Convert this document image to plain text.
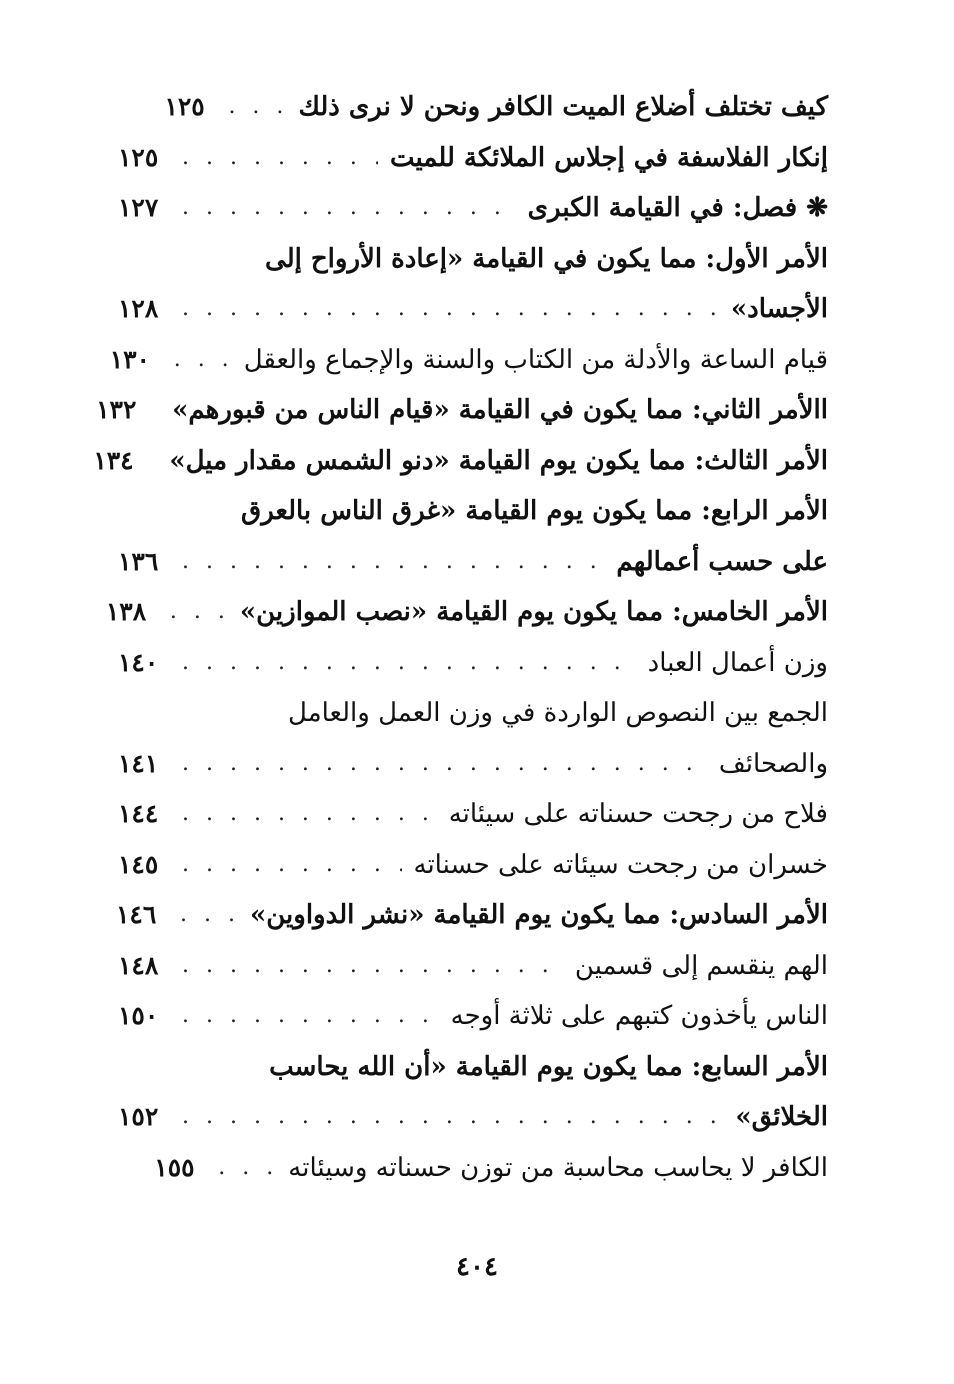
كيف تختلف أضلاع الميت الكافر ونحن لا نرى ذلك
. . .
١٢٥
إنكار الفلاسفة في إجلاس الملائكة للميت
. . .
١٢٥
❋ فصل: في القيامة الكبرى
. . .
١٢٧
الأمر الأول: مما يكون في القيامة «إعادة الأرواح إلى
الأجساد»
. . .
١٢٨
قيام الساعة والأدلة من الكتاب والسنة والإجماع والعقل
. . .
١٣٠
االأمر الثاني: مما يكون في القيامة «قيام الناس من قبورهم»
١٣٢
الأمر الثالث: مما يكون يوم القيامة «دنو الشمس مقدار ميل»
١٣٤
الأمر الرابع: مما يكون يوم القيامة «غرق الناس بالعرق
على حسب أعمالهم
. . .
١٣٦
الأمر الخامس: مما يكون يوم القيامة «نصب الموازين»
. . .
١٣٨
وزن أعمال العباد
. . .
١٤٠
الجمع بين النصوص الواردة في وزن العمل والعامل
والصحائف
. . .
١٤١
فلاح من رجحت حسناته على سيئاته
. . .
١٤٤
خسران من رجحت سيئاته على حسناته
. . .
١٤٥
الأمر السادس: مما يكون يوم القيامة «نشر الدواوين»
. . .
١٤٦
الهم ينقسم إلى قسمين
. . .
١٤٨
الناس يأخذون كتبهم على ثلاثة أوجه
. . .
١٥٠
الأمر السابع: مما يكون يوم القيامة «أن الله يحاسب
الخلائق»
. . .
١٥٢
الكافر لا يحاسب محاسبة من توزن حسناته وسيئاته
. . .
١٥٥
٤٠٤
